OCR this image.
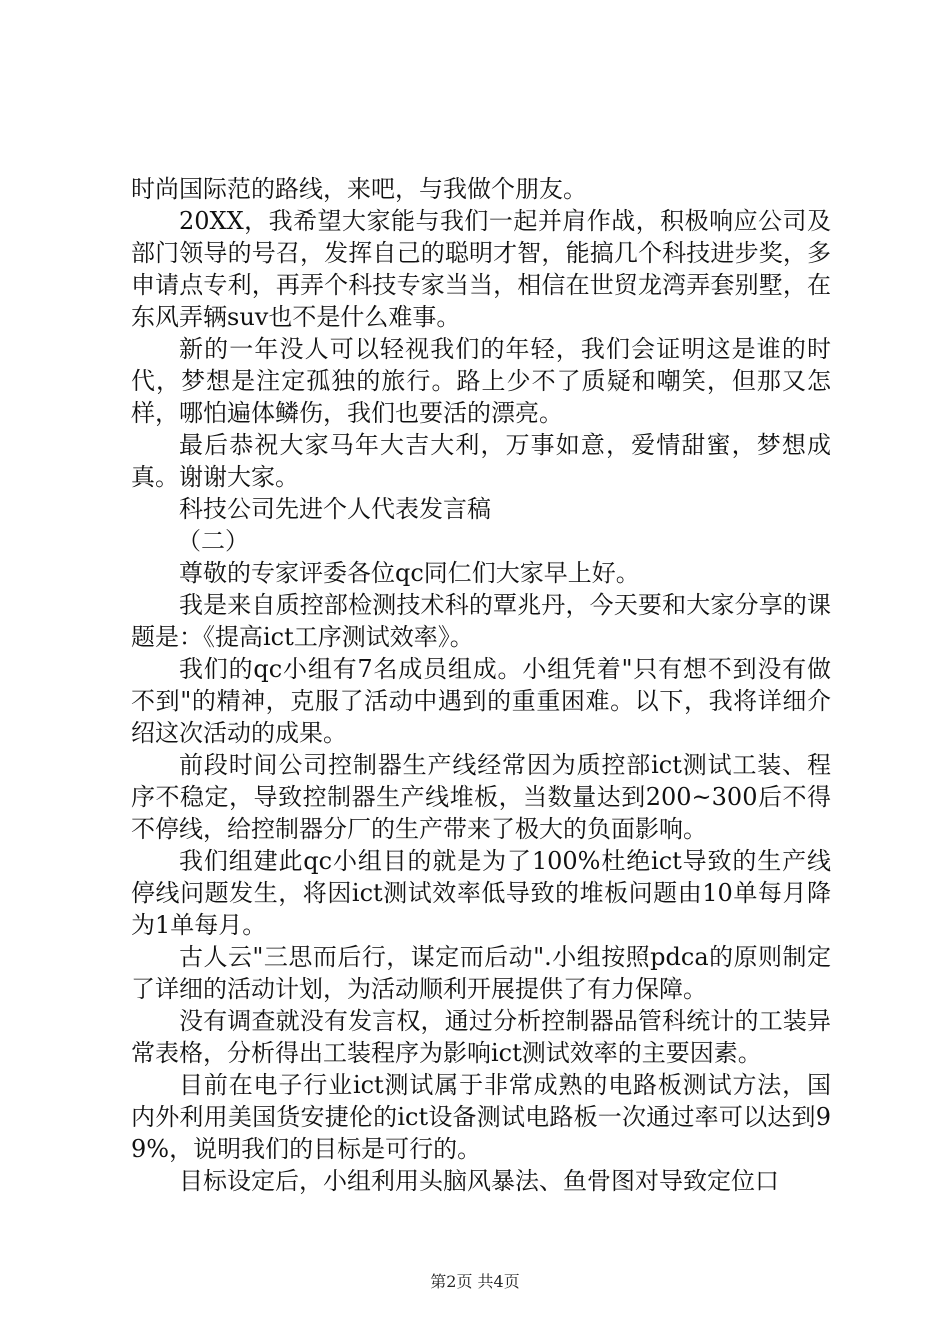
时尚国际范的路线，来吧，与我做个朋友。

20XX，我希望大家能与我们一起并肩作战，积极响应公司及部门领导的号召，发挥自己的聪明才智，能搞几个科技进步奖，多申请点专利，再弄个科技专家当当，相信在世贸龙湾弄套别墅，在东风弄辆suv也不是什么难事。

新的一年没人可以轻视我们的年轻，我们会证明这是谁的时代，梦想是注定孤独的旅行。路上少不了质疑和嘲笑，但那又怎样，哪怕遍体鳞伤，我们也要活的漂亮。

最后恭祝大家马年大吉大利，万事如意，爱情甜蜜，梦想成真。谢谢大家。

科技公司先进个人代表发言稿

（二）

尊敬的专家评委各位qc同仁们大家早上好。

我是来自质控部检测技术科的覃兆丹，今天要和大家分享的课题是：《提高ict工序测试效率》。

我们的qc小组有7名成员组成。小组凭着"只有想不到没有做不到"的精神，克服了活动中遇到的重重困难。以下，我将详细介绍这次活动的成果。

前段时间公司控制器生产线经常因为质控部ict测试工装、程序不稳定，导致控制器生产线堆板，当数量达到200~300后不得不停线，给控制器分厂的生产带来了极大的负面影响。

我们组建此qc小组目的就是为了100%杜绝ict导致的生产线停线问题发生，将因ict测试效率低导致的堆板问题由10单每月降为1单每月。

古人云"三思而后行，谋定而后动".小组按照pdca的原则制定了详细的活动计划，为活动顺利开展提供了有力保障。

没有调查就没有发言权，通过分析控制器品管科统计的工装异常表格，分析得出工装程序为影响ict测试效率的主要因素。

目前在电子行业ict测试属于非常成熟的电路板测试方法，国内外利用美国货安捷伦的ict设备测试电路板一次通过率可以达到99%，说明我们的目标是可行的。

目标设定后，小组利用头脑风暴法、鱼骨图对导致定位口

第2页 共4页
